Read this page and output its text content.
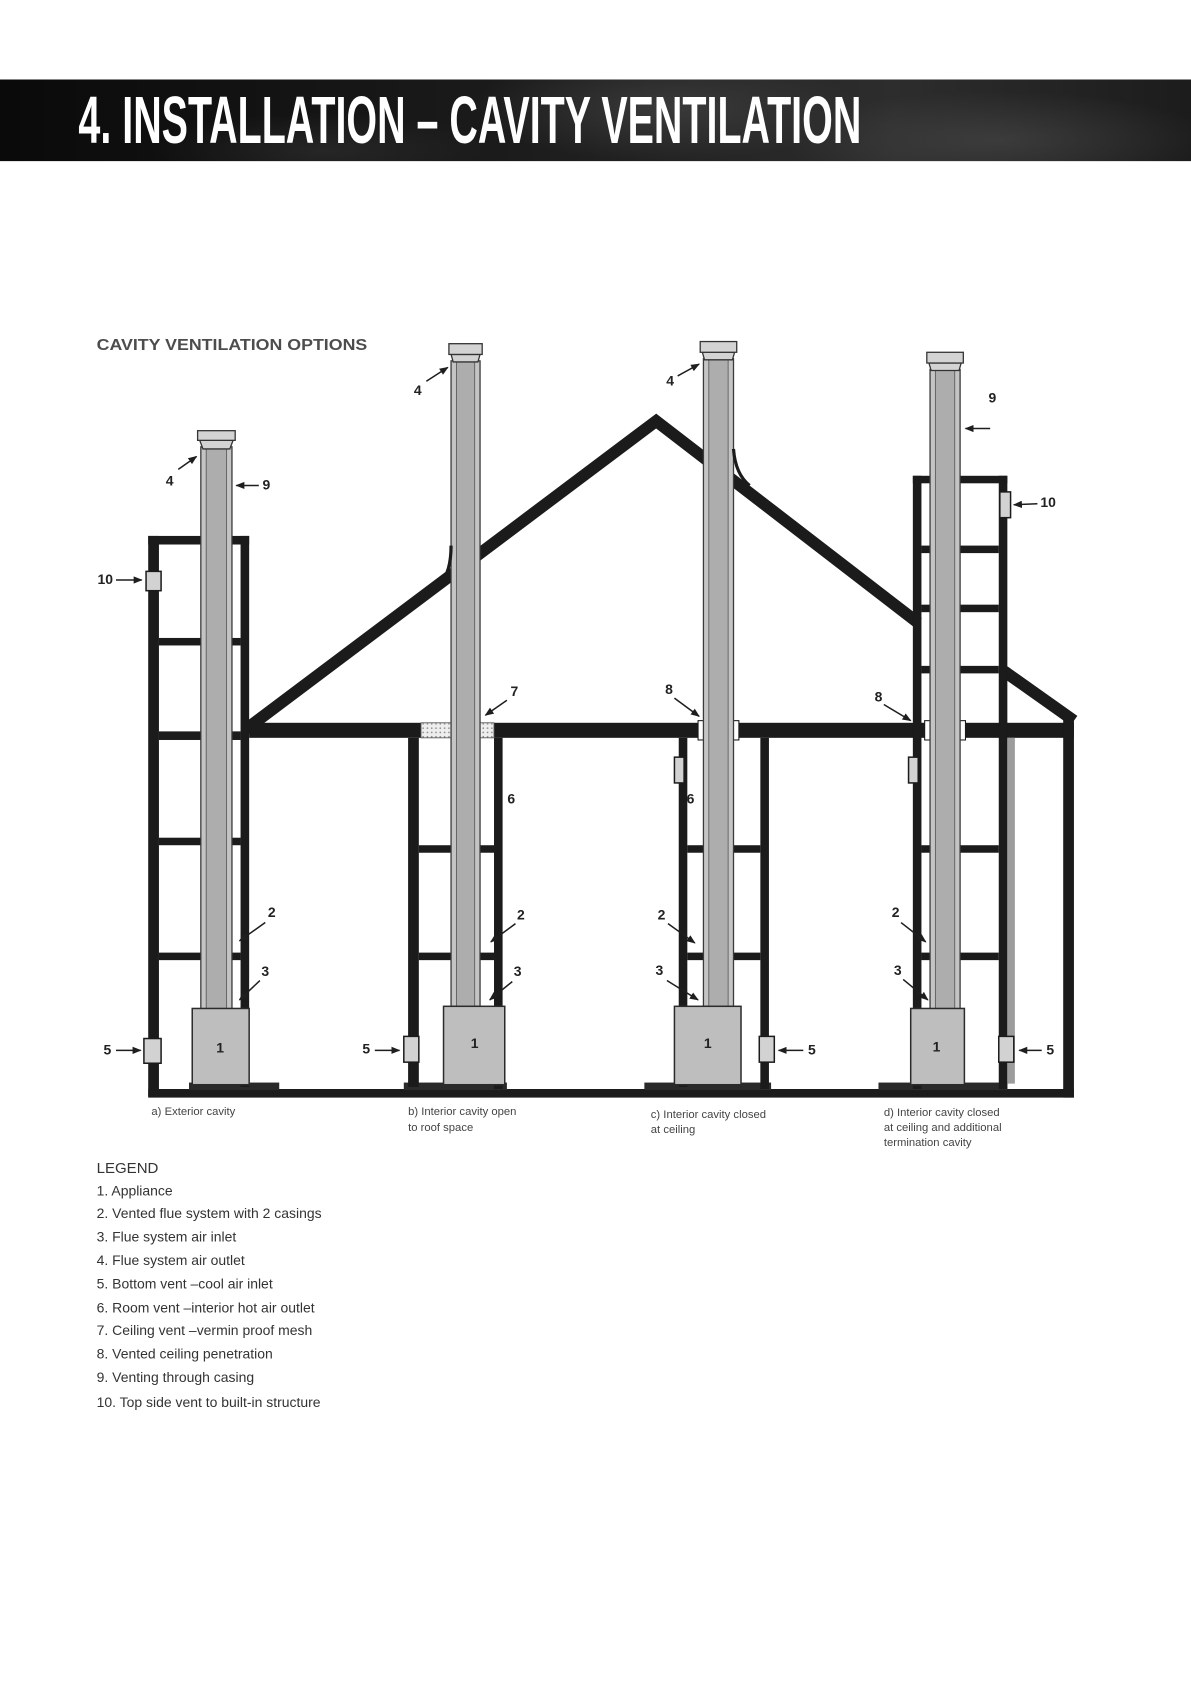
4. INSTALLATION – CAVITY VENTILATION
CAVITY VENTILATION OPTIONS
1
4	9
10
2
3
5
a) Exterior cavity
1
4
7
6
2
3
5
b) Interior cavity open
to roof space
1
4
8
6
2
3
5
c) Interior cavity closed
at ceiling
1
9
10
8
2
3
5
d) Interior cavity closed
at ceiling and additional
termination cavity
LEGEND
1. Appliance
2. Vented flue system with 2 casings
3. Flue system air inlet
4. Flue system air outlet
5. Bottom vent –cool air inlet
6. Room vent –interior hot air outlet
7. Ceiling vent –vermin proof mesh
8. Vented ceiling penetration
9. Venting through casing
10. Top side vent to built-in structure
